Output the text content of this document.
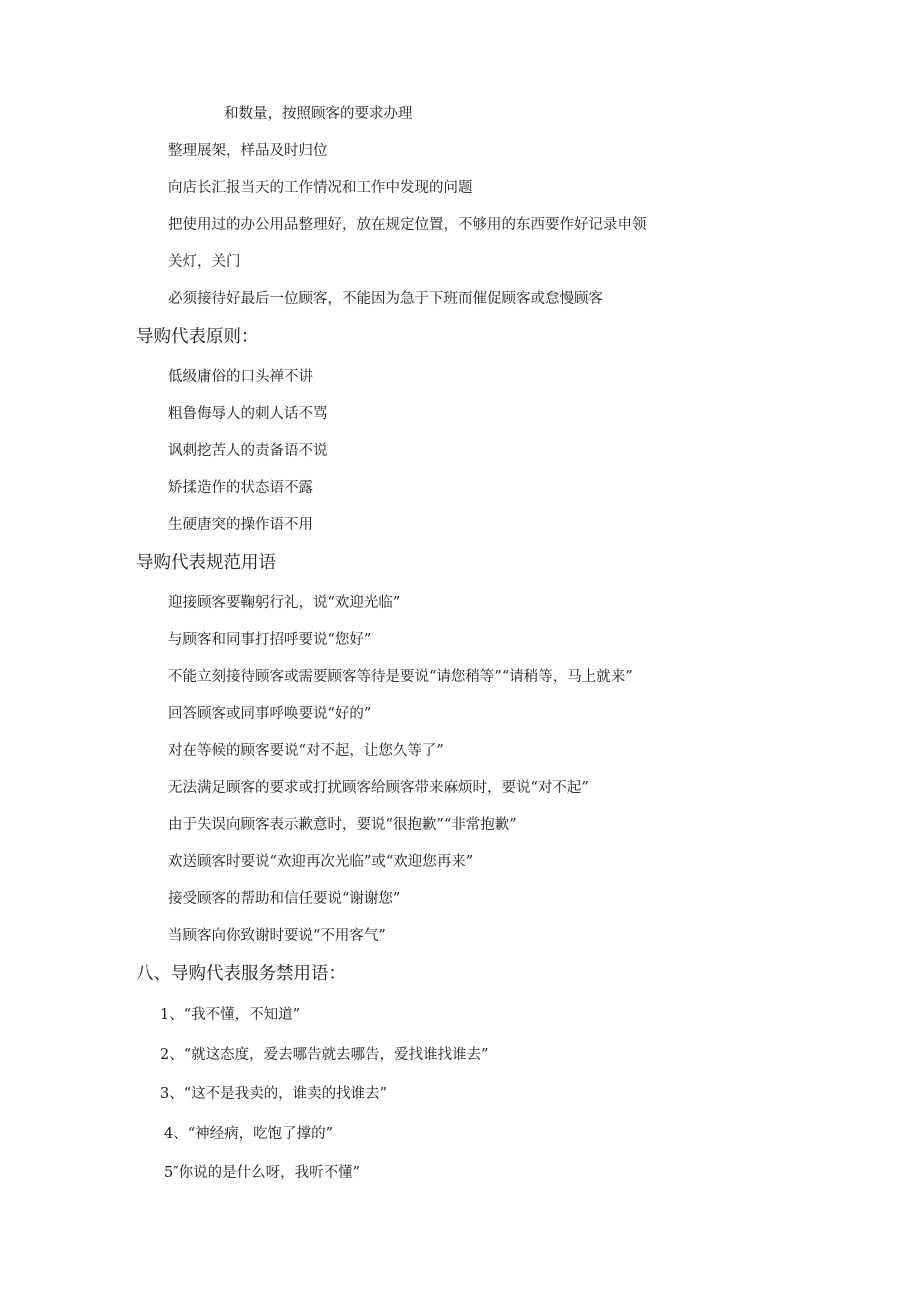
和数量，按照顾客的要求办理
整理展架，样品及时归位
向店长汇报当天的工作情况和工作中发现的问题
把使用过的办公用品整理好，放在规定位置，不够用的东西要作好记录申领
关灯，关门
必须接待好最后一位顾客，不能因为急于下班而催促顾客或怠慢顾客
导购代表原则：
低级庸俗的口头禅不讲
粗鲁侮辱人的刺人话不骂
讽刺挖苦人的责备语不说
矫揉造作的状态语不露
生硬唐突的操作语不用
导购代表规范用语
迎接顾客要鞠躬行礼，说“欢迎光临”
与顾客和同事打招呼要说“您好”
不能立刻接待顾客或需要顾客等待是要说“请您稍等”“请稍等，马上就来”
回答顾客或同事呼唤要说“好的”
对在等候的顾客要说“对不起，让您久等了”
无法满足顾客的要求或打扰顾客给顾客带来麻烦时，要说“对不起”
由于失误向顾客表示歉意时，要说“很抱歉”“非常抱歉”
欢送顾客时要说“欢迎再次光临”或“欢迎您再来”
接受顾客的帮助和信任要说“谢谢您”
当顾客向你致谢时要说“不用客气”
八、导购代表服务禁用语：
1、“我不懂，不知道”
2、“就这态度，爱去哪告就去哪告，爱找谁找谁去”
3、“这不是我卖的，谁卖的找谁去”
4、“神经病，吃饱了撑的”
5″你说的是什么呀，我听不懂”
